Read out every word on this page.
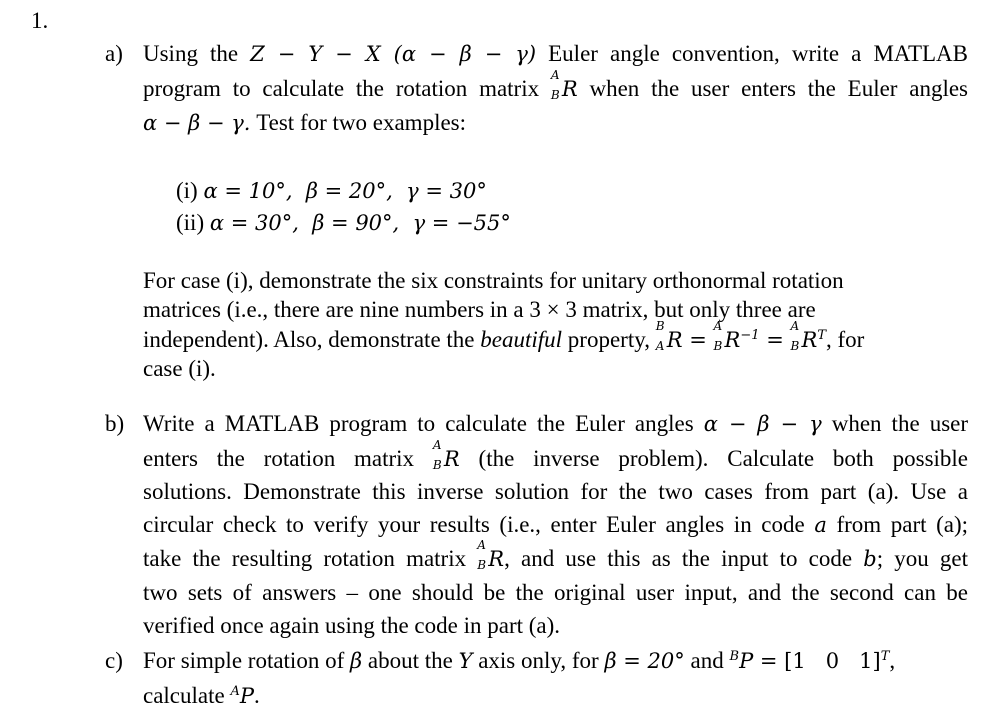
1.
a) Using the Z − Y − X (α − β − γ) Euler angle convention, write a MATLAB
program to calculate the rotation matrix
A
B R when the user enters the Euler angles
α − β − γ. Test for two examples:
(i) α = 10°,  β = 20°,  γ = 30°
(ii) α = 30°,  β = 90°,  γ = −55°
For case (i), demonstrate the six constraints for unitary orthonormal rotation
matrices (i.e., there are nine numbers in a 3 × 3 matrix, but only three are
independent). Also, demonstrate the beautiful property,
B
A R =
A
B $R^{-1}$ =
A
B $R^T$, for
case (i).
b) Write a MATLAB program to calculate the Euler angles α − β − γ when the user
enters the rotation matrix
A
B R (the inverse problem). Calculate both possible
solutions. Demonstrate this inverse solution for the two cases from part (a). Use a
circular check to verify your results (i.e., enter Euler angles in code a from part (a);
take the resulting rotation matrix
A
B R, and use this as the input to code b; you get
two sets of answers – one should be the original user input, and the second can be
verified once again using the code in part (a).
c) For simple rotation of β about the Y axis only, for β = 20° and $^B$P = [1   0   1]$^T$,
calculate $^A$P.
